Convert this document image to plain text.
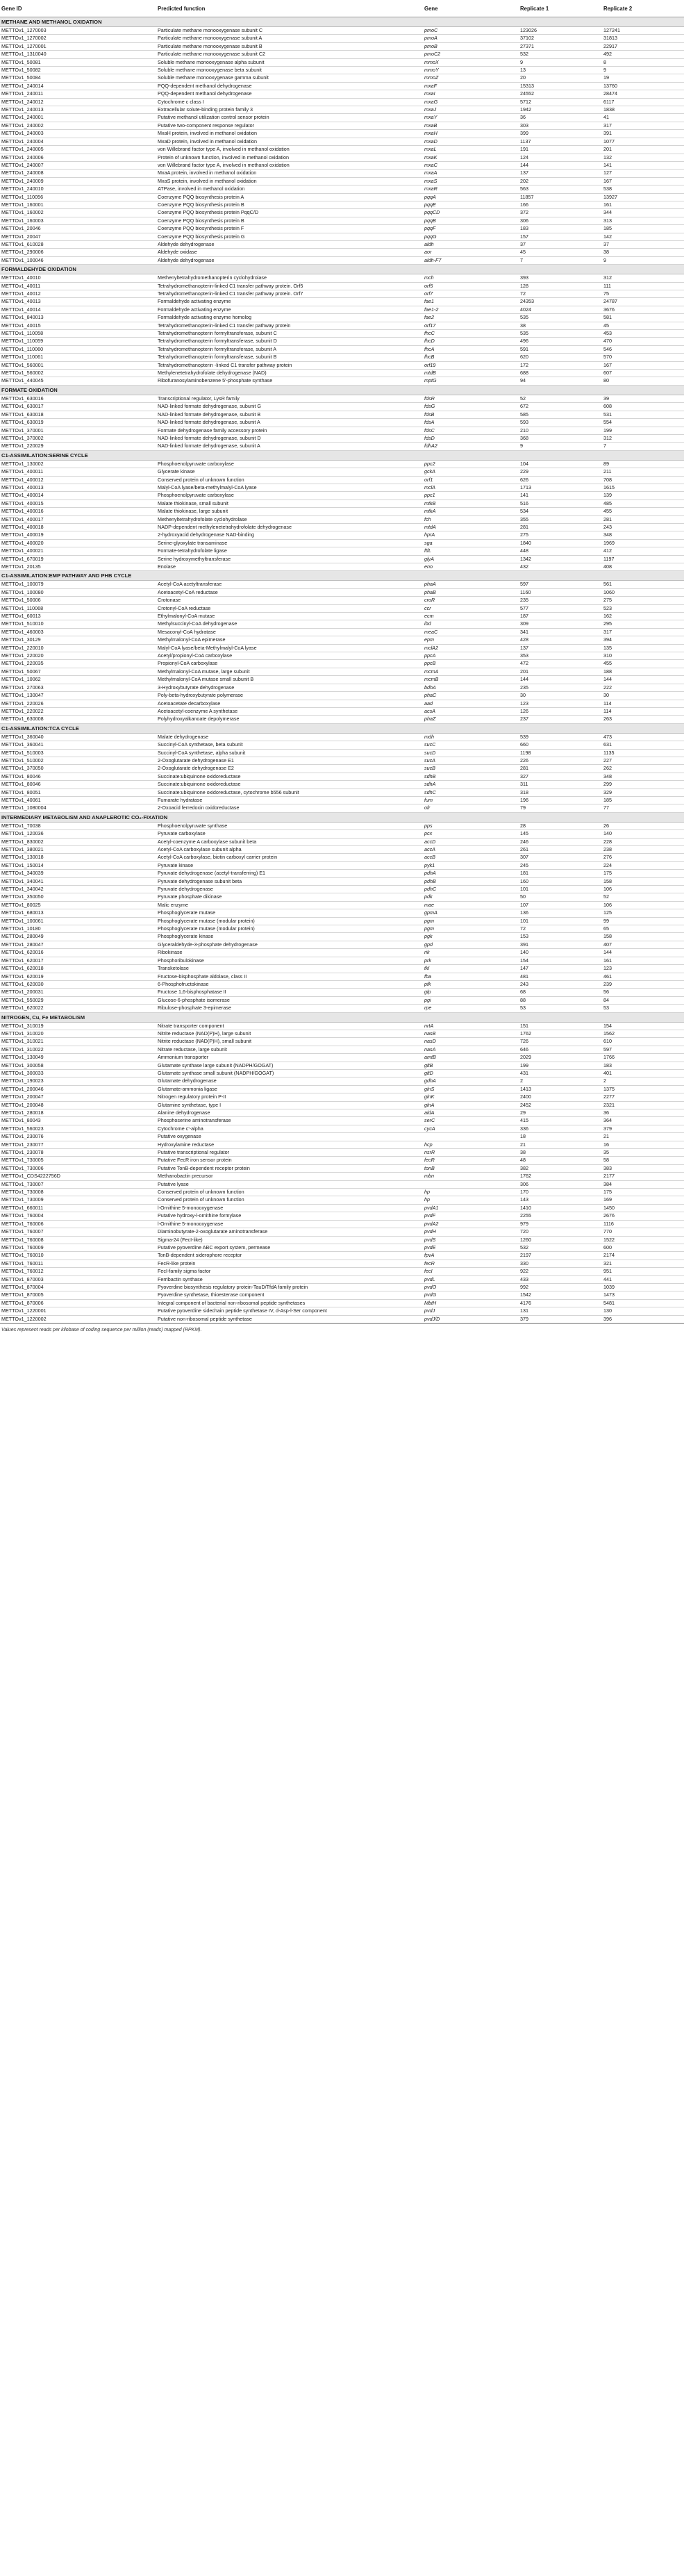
Gene ID	Predicted function	Gene	Replicate 1	Replicate 2
METHANE AND METHANOL OXIDATION				
METTOv1_1270003	Particulate methane monooxygenase subunit C	pmoC	123026	127241
METTOv1_1270002	Particulate methane monooxygenase subunit A	pmoA	37102	31813
METTOv1_1270001	Particulate methane monooxygenase subunit B	pmoB	27371	22917
METTOv1_1310040	Particulate methane monooxygenase subunit C2	pmoC2	532	492
METTOv1_50081	Soluble methane monooxygenase alpha subunit	mmoX	9	8
METTOv1_50082	Soluble methane monooxygenase beta subunit	mmoY	13	9
METTOv1_50084	Soluble methane monooxygenase gamma subunit	mmoZ	20	19
METTOv1_240014	PQQ-dependent methanol dehydrogenase	mxaF	15313	13760
METTOv1_240011	PQQ-dependent methanol dehydrogenase	mxaI	24552	28474
METTOv1_240012	Cytochrome c class I	mxaG	5712	6117
METTOv1_240013	Extracellular solute-binding protein family 3	mxaJ	1942	1838
METTOv1_240001	Putative methanol utilization control sensor protein	mxaY	36	41
METTOv1_240002	Putative two-component response regulator	mxaB	303	317
METTOv1_240003	MxaH protein, involved in methanol oxidation	mxaH	399	391
METTOv1_240004	MxaD protein, involved in methanol oxidation	mxaD	1137	1077
METTOv1_240005	von Willebrand factor type A, involved in methanol oxidation	mxaL	191	201
METTOv1_240006	Protein of unknown function, involved in methanol oxidation	mxaK	124	132
METTOv1_240007	von Willebrand factor type A, involved in methanol oxidation	mxaC	144	141
METTOv1_240008	MxaA protein, involved in methanol oxidation	mxaA	137	127
METTOv1_240009	MxaS protein, involved in methanol oxidation	mxaS	202	167
METTOv1_240010	ATPase, involved in methanol oxidation	mxaR	563	538
METTOv1_110056	Coenzyme PQQ biosynthesis protein A	pqqA	11857	13927
METTOv1_160001	Coenzyme PQQ biosynthesis protein B	pqqE	166	161
METTOv1_160002	Coenzyme PQQ biosynthesis protein PqqC/D	pqqCD	372	344
METTOv1_160003	Coenzyme PQQ biosynthesis protein B	pqqB	306	313
METTOv1_20046	Coenzyme PQQ biosynthesis protein F	pqqF	183	185
METTOv1_20047	Coenzyme PQQ biosynthesis protein G	pqqG	157	142
METTOv1_610028	Aldehyde dehydrogenase	aldh	37	37
METTOv1_290006	Aldehyde oxidase	aor	45	38
METTOv1_100046	Aldehyde dehydrogenase	aldh-F7	7	9
FORMALDEHYDE OXIDATION				
METTOv1_40010	Methenyltetrahydromethanopterin cyclohydrolase	mch	393	312
METTOv1_40011	Tetrahydromethanopterin-linked C1 transfer pathway protein. Orf5	orf5	128	111
METTOv1_40012	Tetrahydromethanopterin-linked C1 transfer pathway protein. Orf7	orf7	72	75
METTOv1_40013	Formaldehyde activating enzyme	fae1	24353	24787
METTOv1_40014	Formaldehyde activating enzyme	fae1-2	4024	3676
METTOv1_840013	Formaldehyde activating enzyme homolog	fae2	535	581
METTOv1_40015	Tetrahydromethanopterin-linked C1 transfer pathway protein	orf17	38	45
METTOv1_110058	Tetrahydromethanopterin formyltransferase, subunit C	fhcC	535	453
METTOv1_110059	Tetrahydromethanopterin formyltransferase, subunit D	fhcD	496	470
METTOv1_110060	Tetrahydromethanopterin formyltransferase, subunit A	fhcA	591	546
METTOv1_110061	Tetrahydromethanopterin formyltransferase, subunit B	fhcB	620	570
METTOv1_560001	Tetrahydromethanopterin -linked C1 transfer pathway protein	orf19	172	167
METTOv1_560002	Methylenetetrahydrofolate dehydrogenase (NAD)	mtdB	688	607
METTOv1_440045	Ribofuranosylaminobenzene 5'-phosphate synthase	mptG	94	80
FORMATE OXIDATION				
METTOv1_630016	Transcriptional regulator, LysR family	fdsR	52	39
METTOv1_630017	NAD-linked formate dehydrogenase, subunit G	fdsG	672	608
METTOv1_630018	NAD-linked formate dehydrogenase, subunit B	fdsB	585	531
METTOv1_630019	NAD-linked formate dehydrogenase, subunit A	fdsA	593	554
METTOv1_370001	Formate dehydrogenase family accessory protein	fdsC	210	199
METTOv1_370002	NAD-linked formate dehydrogenase, subunit D	fdsD	368	312
METTOv1_220029	NAD-linked formate dehydrogenase, subunit A	fdhA2	9	7
C1-ASSIMILATION:SERINE CYCLE				
METTOv1_130002	Phosphoenolpyruvate carboxylase	ppc2	104	89
METTOv1_400011	Glycerate kinase	gckA	229	211
METTOv1_400012	Conserved protein of unknown function	orf1	626	708
METTOv1_400013	Malyl-CoA lyase/beta-methylmalyl-CoA lyase	mclA	1713	1615
METTOv1_400014	Phosphoenolpyruvate carboxylase	ppc1	141	139
METTOv1_400015	Malate thiokinase, small subunit	mtkB	516	485
METTOv1_400016	Malate thiokinase, large subunit	mtkA	534	455
METTOv1_400017	Methenyltetrahydrofolate cyclohydrolase	fch	355	281
METTOv1_400018	NADP-dependent methylenetetrahydrofolate dehydrogenase	mtdA	281	243
METTOv1_400019	2-hydroxyacid dehydrogenase NAD-binding	hprA	275	348
METTOv1_400020	Serine-glyoxylate transaminase	sga	1840	1969
METTOv1_400021	Formate-tetrahydrofolate ligase	ftfL	448	412
METTOv1_670019	Serine hydroxymethyltransferase	glyA	1342	1197
METTOv1_20135	Enolase	eno	432	408
C1-ASSIMILATION:EMP PATHWAY AND PHB CYCLE				
METTOv1_100079	Acetyl-CoA acetyltransferase	phaA	597	561
METTOv1_100080	Acetoacetyl-CoA reductase	phaB	1160	1060
METTOv1_50006	Crotonase	croR	235	275
METTOv1_110068	Crotonyl-CoA reductase	ccr	577	523
METTOv1_60013	Ethylmalonyl-CoA mutase	ecm	187	162
METTOv1_510010	Methylsuccinyl-CoA dehydrogenase	ibd	309	295
METTOv1_460003	Mesaconyl-CoA hydratase	meaC	341	317
METTOv1_30129	Methylmalonyl-CoA epimerase	epm	428	394
METTOv1_220010	Malyl-CoA lyase/beta-Methylmalyl-CoA lyase	mclA2	137	135
METTOv1_220020	Acetyl/propionyl-CoA carboxylase	ppcA	353	310
METTOv1_220035	Propionyl-CoA carboxylase	ppcB	472	455
METTOv1_50067	Methylmalonyl-CoA mutase, large subunit	mcmA	201	188
METTOv1_10062	Methylmalonyl-CoA mutase small subunit B	mcmB	144	144
METTOv1_270063	3-Hydroxybutyrate dehydrogenase	bdhA	235	222
METTOv1_130047	Poly-beta-hydroxybutyrate polymerase	phaC	30	30
METTOv1_220026	Acetoacetate decarboxylase	aad	123	114
METTOv1_220022	Acetoacetyl-coenzyme A synthetase	acsA	126	114
METTOv1_630008	Polyhydroxyalkanoate depolymerase	phaZ	237	263
C1-ASSIMILATION:TCA CYCLE				
METTOv1_360040	Malate dehydrogenase	mdh	539	473
METTOv1_360041	Succinyl-CoA synthetase, beta subunit	sucC	660	631
METTOv1_510003	Succinyl-CoA synthetase, alpha subunit	sucD	1198	1135
METTOv1_510002	2-Oxoglutarate dehydrogenase E1	sucA	226	227
METTOv1_370050	2-Oxoglutarate dehydrogenase E2	sucB	281	262
METTOv1_80046	Succinate:ubiquinone oxidoreductase	sdhB	327	348
METTOv1_80046	Succinate:ubiquinone oxidoreductase	sdhA	311	299
METTOv1_80051	Succinate:ubiquinone oxidoreductase, cytochrome b556 subunit	sdhC	318	329
METTOv1_40061	Fumarate hydratase	fum	196	185
METTOv1_1080004	2-Oxoacid ferredoxin oxidoreductase	ofr	79	77
INTERMEDIARY METABOLISM AND ANAPLEROTIC CO₂-FIXATION				
METTOv1_70038	Phosphoenolpyruvate synthase	pps	28	26
METTOv1_120036	Pyruvate carboxylase	pcx	145	140
METTOv1_830002	Acetyl-coenzyme A carboxylase subunit beta	accD	246	228
METTOv1_380021	Acetyl-CoA carboxylase subunit alpha	accA	261	238
METTOv1_130018	Acetyl-CoA carboxylase, biotin carboxyl carrier protein	accB	307	276
METTOv1_150014	Pyruvate kinase	pyk1	245	224
METTOv1_340039	Pyruvate dehydrogenase (acetyl-transferring) E1	pdhA	181	175
METTOv1_340041	Pyruvate dehydrogenase subunit beta	pdhB	160	158
METTOv1_340042	Pyruvate dehydrogenase	pdhC	101	106
METTOv1_350050	Pyruvate phosphate dikinase	pdk	50	52
METTOv1_80025	Malic enzyme	mae	107	106
METTOv1_680013	Phosphoglycerate mutase	gpmA	136	125
METTOv1_100061	Phosphoglycerate mutase (modular protein)	pgm	101	99
METTOv1_10180	Phosphoglycerate mutase (modular protein)	pgm	72	65
METTOv1_280049	Phosphoglycerate kinase	pgk	153	158
METTOv1_280047	Glyceraldehyde-3-phosphate dehydrogenase	gpd	391	407
METTOv1_620016	Ribokinase	rik	140	144
METTOv1_620017	Phosphoribulokinase	prk	154	161
METTOv1_620018	Transketolase	tkl	147	123
METTOv1_620019	Fructose-bisphosphate aldolase, class II	fba	481	461
METTOv1_620030	6-Phosphofructokinase	pfk	243	239
METTOv1_200031	Fructose 1,6-bisphosphatase II	glp	68	56
METTOv1_550029	Glucose-6-phosphate isomerase	pgi	88	84
METTOv1_620022	Ribulose-phosphate 3-epimerase	rpe	53	53
NITROGEN, Cu, Fe METABOLISM				
METTOv1_310019	Nitrate transporter component	nrtA	151	154
METTOv1_310020	Nitrite reductase (NAD(P)H), large subunit	nasB	1762	1562
METTOv1_310021	Nitrite reductase (NAD(P)H), small subunit	nasD	726	610
METTOv1_310022	Nitrate reductase, large subunit	nasA	646	597
METTOv1_130049	Ammonium transporter	amtB	2029	1766
METTOv1_300058	Glutamate synthase large subunit (NADPH/GOGAT)	gltB	199	183
METTOv1_300033	Glutamate synthase small subunit (NADPH/GOGAT)	gltD	431	401
METTOv1_190023	Glutamate dehydrogenase	gdhA	2	2
METTOv1_200046	Glutamate-ammonia ligase	glnS	1413	1375
METTOv1_200047	Nitrogen regulatory protein P-II	glnK	2400	2277
METTOv1_200048	Glutamine synthetase, type I	glnA	2452	2321
METTOv1_280018	Alanine dehydrogenase	aldA	29	36
METTOv1_80043	Phosphoserine aminotransferase	serC	415	364
METTOv1_560023	Cytochrome c'-alpha	cycA	336	379
METTOv1_230076	Putative oxygenase		18	21
METTOv1_230077	Hydroxylamine reductase	hcp	21	16
METTOv1_230078	Putative transcriptional regulator	nsrR	38	35
METTOv1_730005	Putative FecR iron sensor protein	fecR	48	58
METTOv1_730006	Putative TonB-dependent receptor protein	tonB	382	383
METTOv1_CDS4222756D	Methanobactin precursor	mbn	1762	2177
METTOv1_730007	Putative lyase		306	384
METTOv1_730008	Conserved protein of unknown function	hp	170	175
METTOv1_730009	Conserved protein of unknown function	hp	143	169
METTOv1_660011	l-Ornithine 5-monooxygenase	pvdA1	1410	1450
METTOv1_760004	Putative hydroxy-l-ornithine formylase	pvdF	2255	2676
METTOv1_760006	l-Ornithine 5-monooxygenase	pvdA2	979	1116
METTOv1_760007	Diaminobutyrate-2-oxoglutarate aminotransferase	pvdH	720	770
METTOv1_760008	Sigma-24 (FecI-like)	pvdS	1260	1522
METTOv1_760009	Putative pyoverdine ABC export system, permease	pvdE	532	600
METTOv1_760010	TonB-dependent siderophore receptor	fpvA	2197	2174
METTOv1_760011	FecR-like protein	fecR	330	321
METTOv1_760012	FecI-family sigma factor	fecI	922	951
METTOv1_870003	Ferribactin synthase	pvdL	433	441
METTOv1_870004	Pyoverdine biosynthesis regulatory protein-TauD/TfdA family protein	pvdO	992	1039
METTOv1_870005	Pyoverdine synthetase, thioesterase component	pvdG	1542	1473
METTOv1_870006	Integral component of bacterial non-ribosomal peptide synthetases	MbtH	4176	5481
METTOv1_1220001	Putative pyoverdine sidechain peptide synthetase IV, d-Asp-l-Ser component	pvdJ	131	130
METTOv1_1220002	Putative non-ribosomal peptide synthetase	pvdJ/D	379	396
Values represent reads per kilobase of coding sequence per million (reads) mapped (RPKM).
